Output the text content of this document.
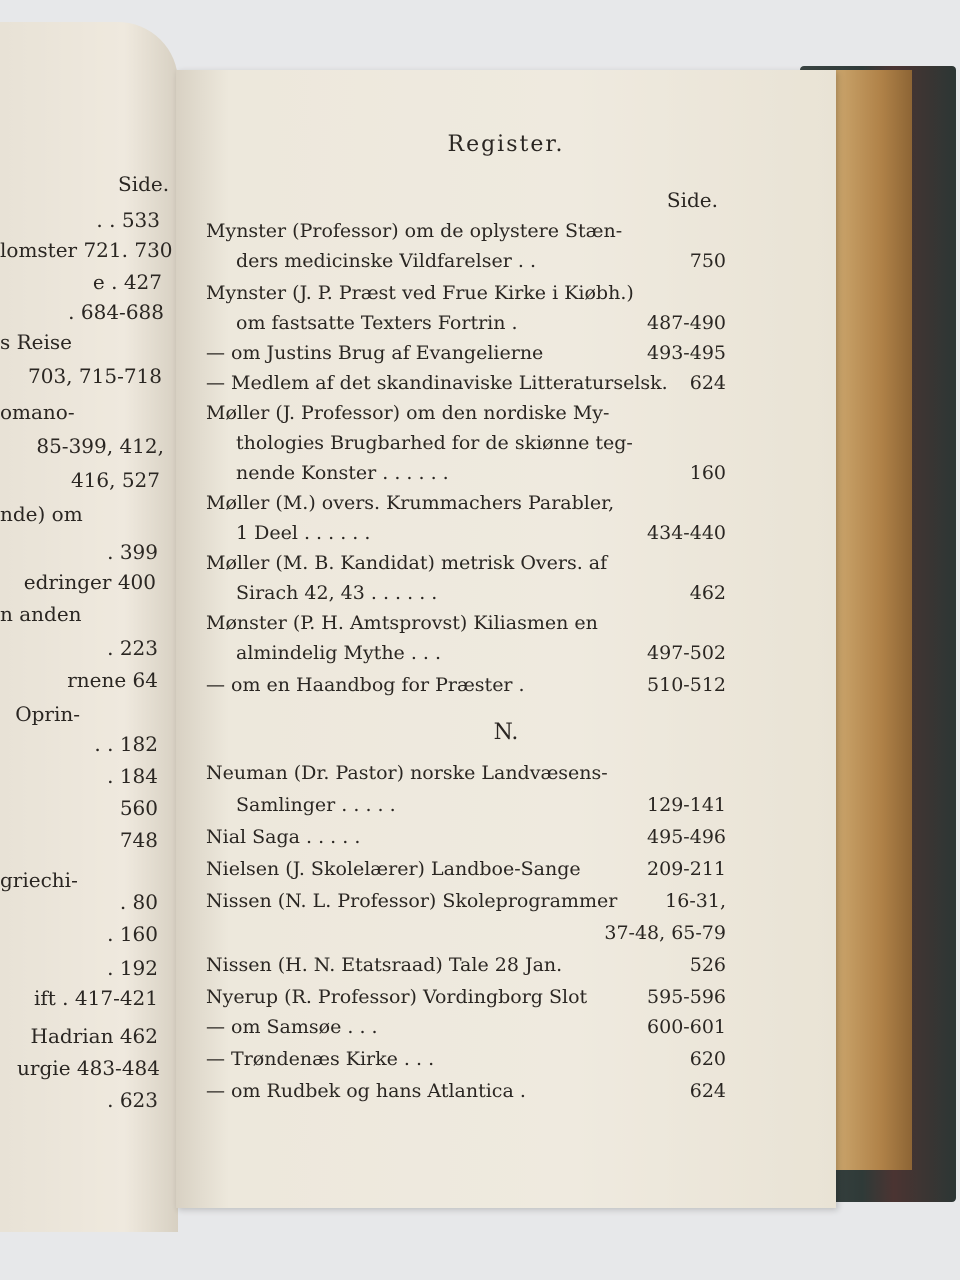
Side.
. . 533
lomster 721. 730
e . 427
. 684-688
s Reise
703, 715-718
omano-
85-399, 412,
416, 527
nde) om
. 399
edringer 400
n anden
. 223
rnene 64
Oprin-
. . 182
. 184
560
748
griechi-
. 80
. 160
. 192
ift . 417-421
Hadrian 462
urgie 483-484
. 623
Register.
Side.
Mynster (Professor) om de oplystere Stæn-
ders medicinske Vildfarelser . .	750
Mynster (J. P. Præst ved Frue Kirke i Kiøbh.)
om fastsatte Texters Fortrin .	487-490
— om Justins Brug af Evangelierne	493-495
— Medlem af det skandinaviske Litteraturselsk. 624
Møller (J. Professor) om den nordiske My-
thologies Brugbarhed for de skiønne teg-
nende Konster . . . . . .	160
Møller (M.) overs. Krummachers Parabler,
1 Deel . . . . . .	434-440
Møller (M. B. Kandidat) metrisk Overs. af
Sirach 42, 43 . . . . . .	462
Mønster (P. H. Amtsprovst) Kiliasmen en
almindelig Mythe . . .	497-502
— om en Haandbog for Præster .	510-512
N.
Neuman (Dr. Pastor) norske Landvæsens-
Samlinger . . . . .	129-141
Nial Saga . . . . .	495-496
Nielsen (J. Skolelærer) Landboe-Sange	209-211
Nissen (N. L. Professor) Skoleprogrammer	16-31,
37-48, 65-79
Nissen (H. N. Etatsraad) Tale 28 Jan.	526
Nyerup (R. Professor) Vordingborg Slot	595-596
— om Samsøe . . .	600-601
— Trøndenæs Kirke . . .	620
— om Rudbek og hans Atlantica .	624
